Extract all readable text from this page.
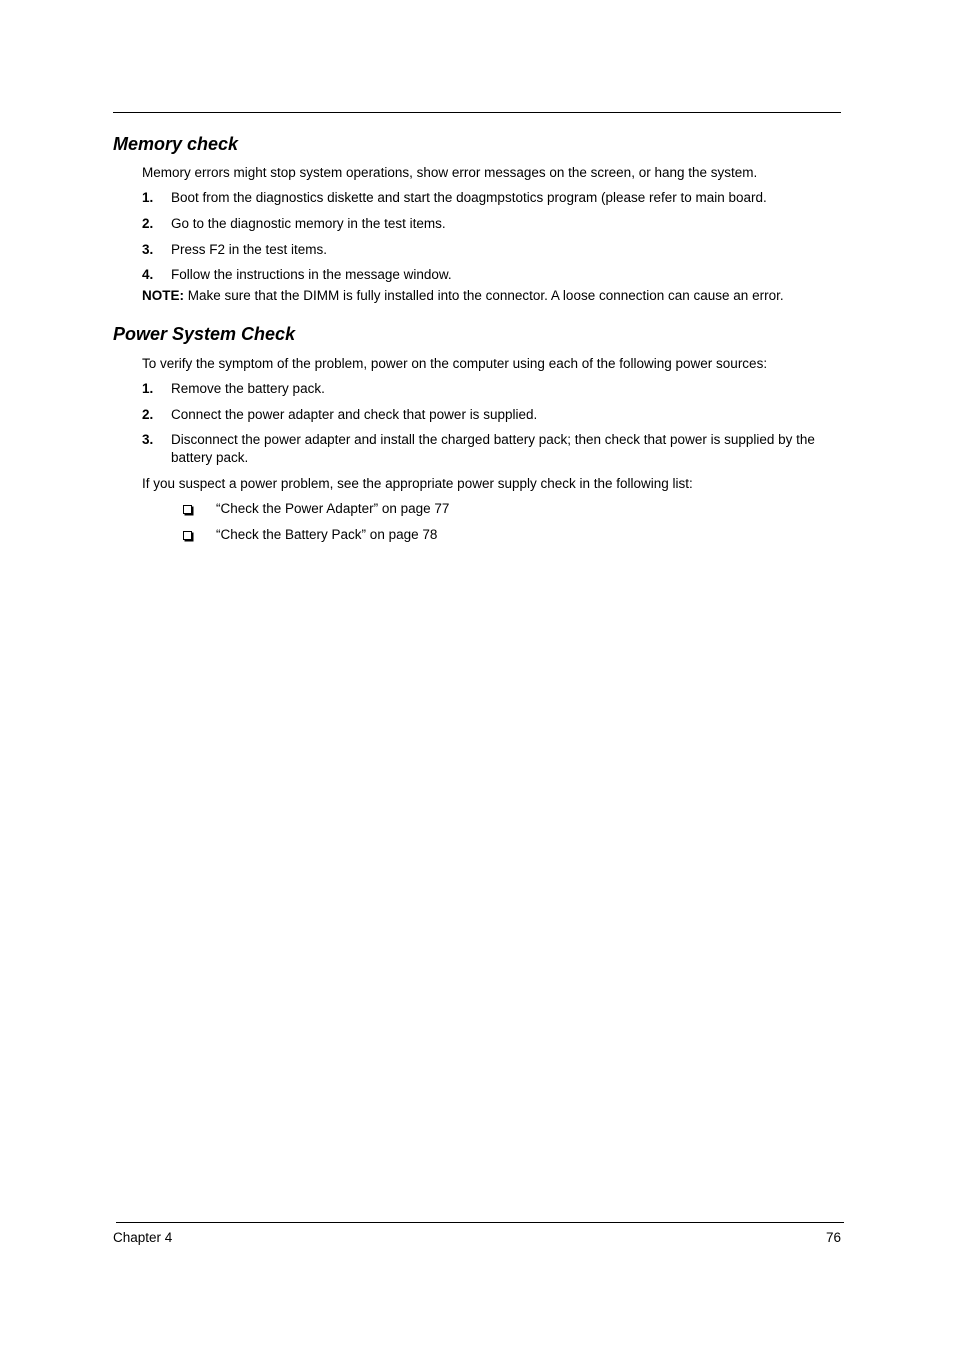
Memory check
Memory errors might stop system operations, show error messages on the screen, or hang the system.
1. Boot from the diagnostics diskette and start the doagmpstotics program (please refer to main board.
2. Go to the diagnostic memory in the test items.
3. Press F2 in the test items.
4. Follow the instructions in the message window.
NOTE: Make sure that the DIMM is fully installed into the connector. A loose connection can cause an error.
Power System Check
To verify the symptom of the problem, power on the computer using each of the following power sources:
1. Remove the battery pack.
2. Connect the power adapter and check that power is supplied.
3. Disconnect the power adapter and install the charged battery pack; then check that power is supplied by the battery pack.
If you suspect a power problem, see the appropriate power supply check in the following list:
“Check the Power Adapter” on page 77
“Check the Battery Pack” on page 78
Chapter 4	76
